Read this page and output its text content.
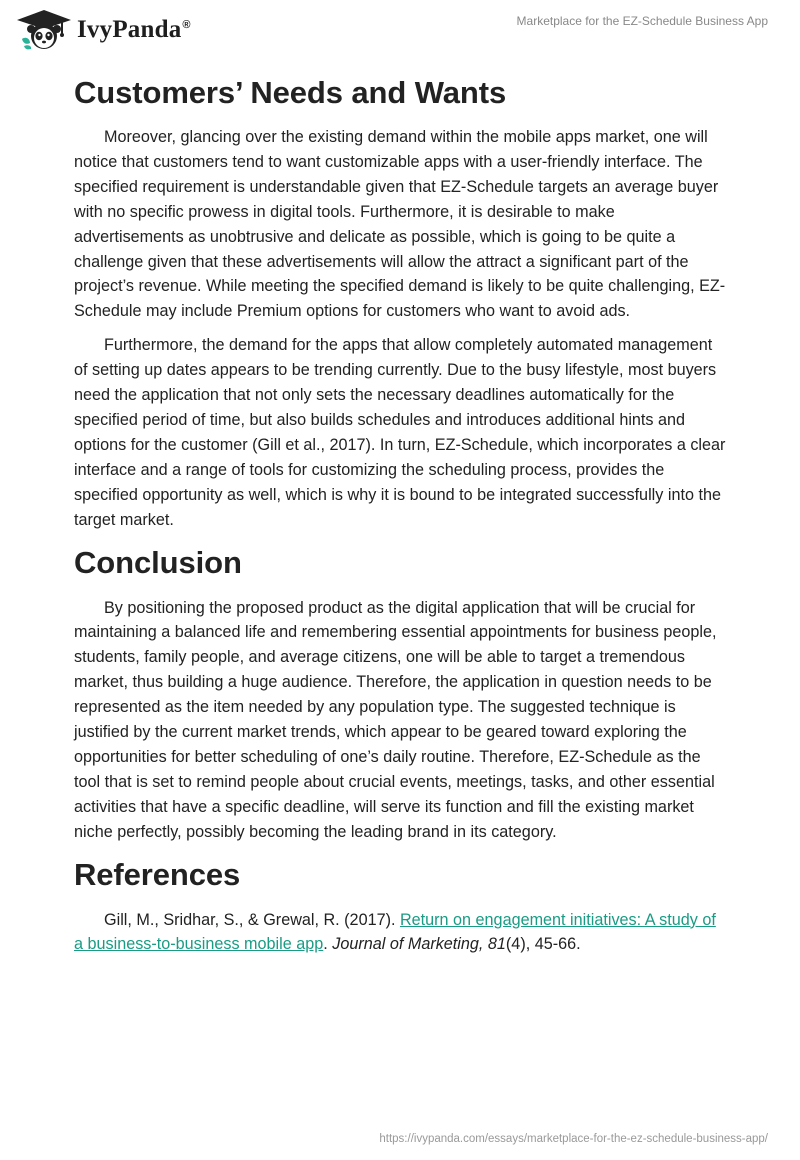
IvyPanda®	Marketplace for the EZ-Schedule Business App
Customers’ Needs and Wants

Moreover, glancing over the existing demand within the mobile apps market, one will notice that customers tend to want customizable apps with a user-friendly interface. The specified requirement is understandable given that EZ-Schedule targets an average buyer with no specific prowess in digital tools. Furthermore, it is desirable to make advertisements as unobtrusive and delicate as possible, which is going to be quite a challenge given that these advertisements will allow the attract a significant part of the project’s revenue. While meeting the specified demand is likely to be quite challenging, EZ-Schedule may include Premium options for customers who want to avoid ads.

Furthermore, the demand for the apps that allow completely automated management of setting up dates appears to be trending currently. Due to the busy lifestyle, most buyers need the application that not only sets the necessary deadlines automatically for the specified period of time, but also builds schedules and introduces additional hints and options for the customer (Gill et al., 2017). In turn, EZ-Schedule, which incorporates a clear interface and a range of tools for customizing the scheduling process, provides the specified opportunity as well, which is why it is bound to be integrated successfully into the target market.

Conclusion

By positioning the proposed product as the digital application that will be crucial for maintaining a balanced life and remembering essential appointments for business people, students, family people, and average citizens, one will be able to target a tremendous market, thus building a huge audience. Therefore, the application in question needs to be represented as the item needed by any population type. The suggested technique is justified by the current market trends, which appear to be geared toward exploring the opportunities for better scheduling of one’s daily routine. Therefore, EZ-Schedule as the tool that is set to remind people about crucial events, meetings, tasks, and other essential activities that have a specific deadline, will serve its function and fill the existing market niche perfectly, possibly becoming the leading brand in its category.

References

Gill, M., Sridhar, S., & Grewal, R. (2017). Return on engagement initiatives: A study of a business-to-business mobile app. Journal of Marketing, 81(4), 45-66.

https://ivypanda.com/essays/marketplace-for-the-ez-schedule-business-app/
